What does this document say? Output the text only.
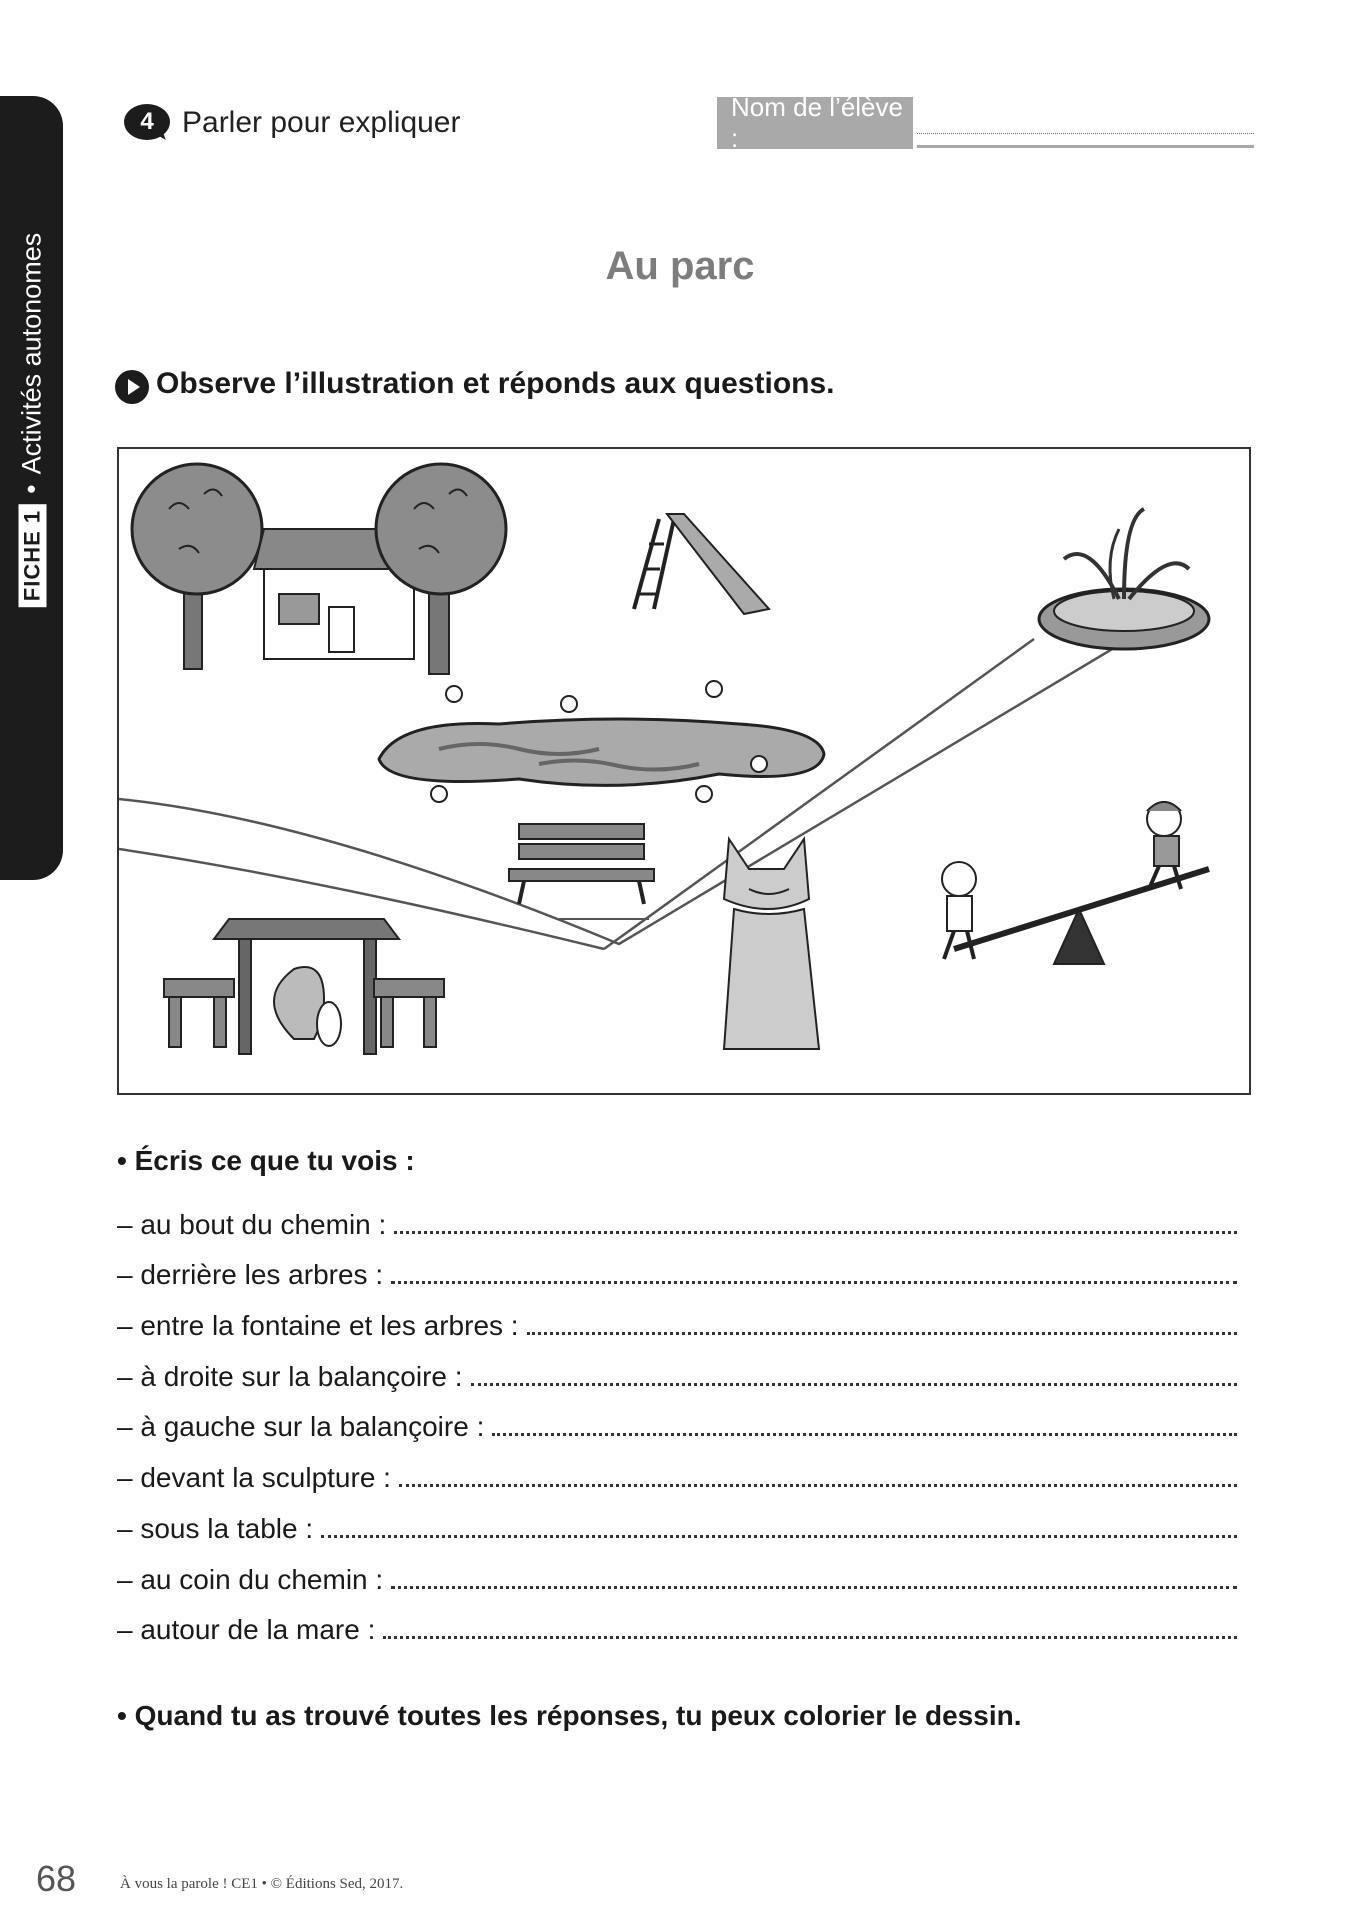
FICHE 1
•
Activités autonomes
4 Parler pour expliquer	Nom de l’élève :
Au parc
Observe l’illustration et réponds aux questions.
• Écris ce que tu vois :
– au bout du chemin :
– derrière les arbres :
– entre la fontaine et les arbres :
– à droite sur la balançoire :
– à gauche sur la balançoire :
– devant la sculpture :
– sous la table :
– au coin du chemin :
– autour de la mare :
• Quand tu as trouvé toutes les réponses, tu peux colorier le dessin.
68	À vous la parole ! CE1 • © Éditions Sed, 2017.
